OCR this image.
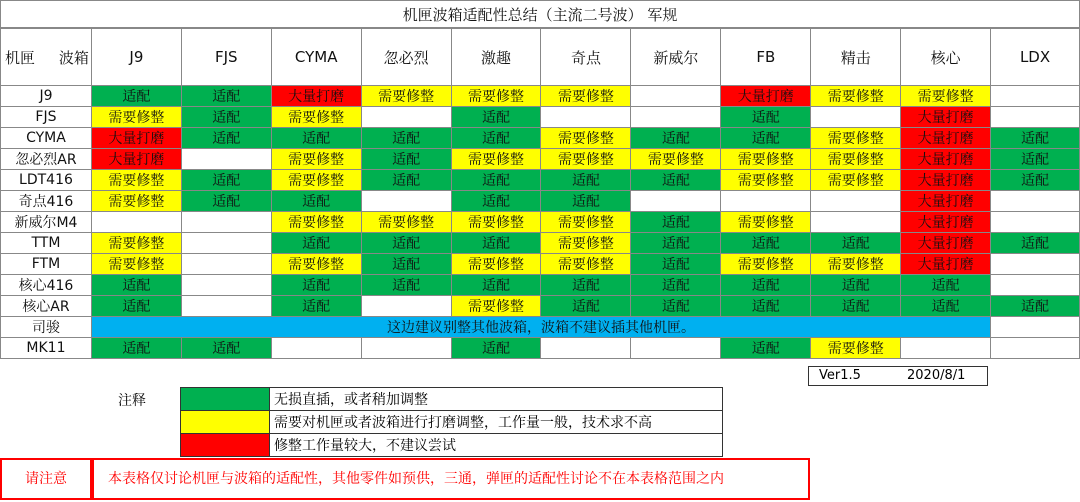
机匣波箱适配性总结（主流二号波） 军规
机匣 波箱	J9	FJS	CYMA	忽必烈	激趣	奇点	新威尔	FB	精击	核心	LDX
J9	适配	适配	大量打磨	需要修整	需要修整	需要修整		大量打磨	需要修整	需要修整	
FJS	需要修整	适配	需要修整		适配			适配		大量打磨	
CYMA	大量打磨	适配	适配	适配	适配	需要修整	适配	适配	需要修整	大量打磨	适配
忽必烈AR	大量打磨		需要修整	适配	需要修整	需要修整	需要修整	需要修整	需要修整	大量打磨	适配
LDT416	需要修整	适配	需要修整	适配	适配	适配	适配	需要修整	需要修整	大量打磨	适配
奇点416	需要修整	适配	适配		适配	适配				大量打磨	
新威尔M4			需要修整	需要修整	需要修整	需要修整	适配	需要修整		大量打磨	
TTM	需要修整		适配	适配	适配	需要修整	适配	适配	适配	大量打磨	适配
FTM	需要修整		需要修整	适配	需要修整	需要修整	适配	需要修整	需要修整	大量打磨	
核心416	适配		适配	适配	适配	适配	适配	适配	适配	适配	
核心AR	适配		适配		需要修整	适配	适配	适配	适配	适配	适配
司骏	这边建议别整其他波箱，波箱不建议插其他机匣。										
MK11	适配	适配			适配			适配	需要修整		
Ver1.5	2020/8/1
注释
		无损直插，或者稍加调整
	需要对机匣或者波箱进行打磨调整，工作量一般，技术求不高
	修整工作量较大，不建议尝试
请注意	本表格仅讨论机匣与波箱的适配性，其他零件如预供，三通，弹匣的适配性讨论不在本表格范围之内
